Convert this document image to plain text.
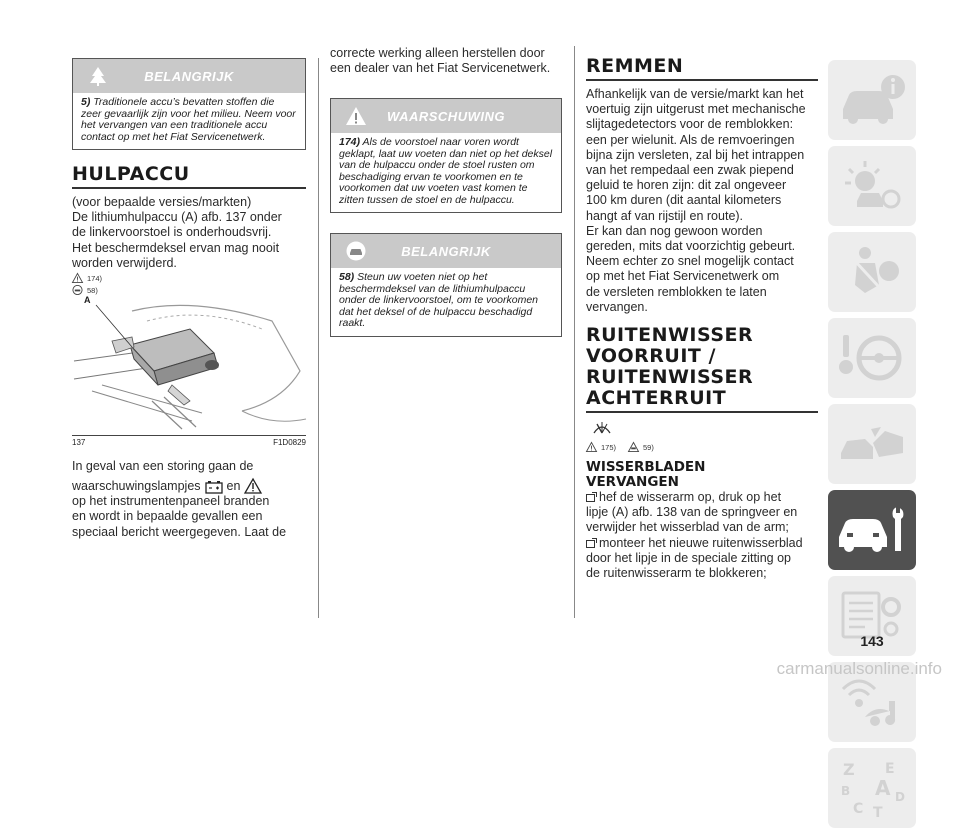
BELANGRIJK
5) Traditionele accu’s bevatten stoffen die zeer gevaarlijk zijn voor het milieu. Neem voor het vervangen van een traditionele accu contact op met het Fiat Servicenetwerk.
HULPACCU
(voor bepaalde versies/markten)
De lithiumhulpaccu (A) afb. 137 onder
de linkervoorstoel is onderhoudsvrij.
Het beschermdeksel ervan mag nooit
worden verwijderd.
174)
58)
A
137	F1D0829
In geval van een storing gaan de
waarschuwingslampjes en
op het instrumentenpaneel branden
en wordt in bepaalde gevallen een
speciaal bericht weergegeven. Laat de
correcte werking alleen herstellen door
een dealer van het Fiat Servicenetwerk.
WAARSCHUWING
174) Als de voorstoel naar voren wordt geklapt, laat uw voeten dan niet op het deksel van de hulpaccu onder de stoel rusten om beschadiging ervan te voorkomen en te voorkomen dat uw voeten vast komen te zitten tussen de stoel en de hulpaccu.
BELANGRIJK
58) Steun uw voeten niet op het beschermdeksel van de lithiumhulpaccu onder de linkervoorstoel, om te voorkomen dat het deksel of de hulpaccu beschadigd raakt.
REMMEN
Afhankelijk van de versie/markt kan het
voertuig zijn uitgerust met mechanische
slijtagedetectors voor de remblokken:
een per wielunit. Als de remvoeringen
bijna zijn versleten, zal bij het intrappen
van het rempedaal een zwak piepend
geluid te horen zijn: dit zal ongeveer
100 km duren (dit aantal kilometers
hangt af van rijstijl en route).
Er kan dan nog gewoon worden
gereden, mits dat voorzichtig gebeurt.
Neem echter zo snel mogelijk contact
op met het Fiat Servicenetwerk om
de versleten remblokken te laten
vervangen.
RUITENWISSER
VOORRUIT /
RUITENWISSER
ACHTERRUIT
175)	59)
WISSERBLADEN
VERVANGEN
hef de wisserarm op, druk op het
lipje (A) afb. 138 van de springveer en
verwijder het wisserblad van de arm;
monteer het nieuwe ruitenwisserblad
door het lipje in de speciale zitting op
de ruitenwisserarm te blokkeren;
Z E
B A
C
D
T
143
carmanualsonline.info
